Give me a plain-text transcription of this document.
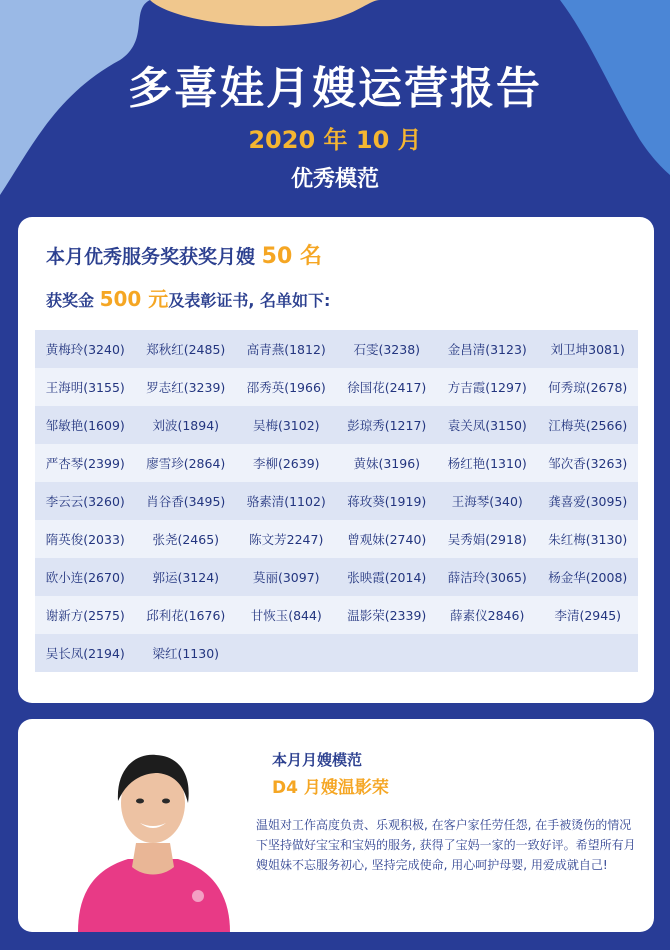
多喜娃月嫂运营报告
2020 年 10 月
优秀模范
本月优秀服务奖获奖月嫂 50 名
获奖金 500 元及表彰证书, 名单如下:
黄梅玲(3240)	郑秋红(2485)	高青燕(1812)	石雯(3238)	金昌清(3123)	刘卫坤3081)
王海明(3155)	罗志红(3239)	邵秀英(1966)	徐国花(2417)	方吉霞(1297)	何秀琼(2678)
邹敏艳(1609)	刘波(1894)	吴梅(3102)	彭琼秀(1217)	袁关凤(3150)	江梅英(2566)
严杏琴(2399)	廖雪珍(2864)	李柳(2639)	黄妹(3196)	杨红艳(1310)	邹次香(3263)
李云云(3260)	肖谷香(3495)	骆素清(1102)	蒋玫葵(1919)	王海琴(340)	龚喜爱(3095)
隋英俊(2033)	张尧(2465)	陈文芳2247)	曾观妹(2740)	吴秀娟(2918)	朱红梅(3130)
欧小连(2670)	郭运(3124)	莫丽(3097)	张映霞(2014)	薛洁玲(3065)	杨金华(2008)
谢新方(2575)	邱利花(1676)	甘恢玉(844)	温影荣(2339)	薛素仪2846)	李清(2945)
吴长凤(2194)	梁红(1130)
本月月嫂模范
D4 月嫂温影荣
温姐对工作高度负责、乐观积极, 在客户家任劳任怨, 在手被烫伤的情况下坚持做好宝宝和宝妈的服务, 获得了宝妈一家的一致好评。希望所有月嫂姐妹不忘服务初心, 坚持完成使命, 用心呵护母婴, 用爱成就自己!
